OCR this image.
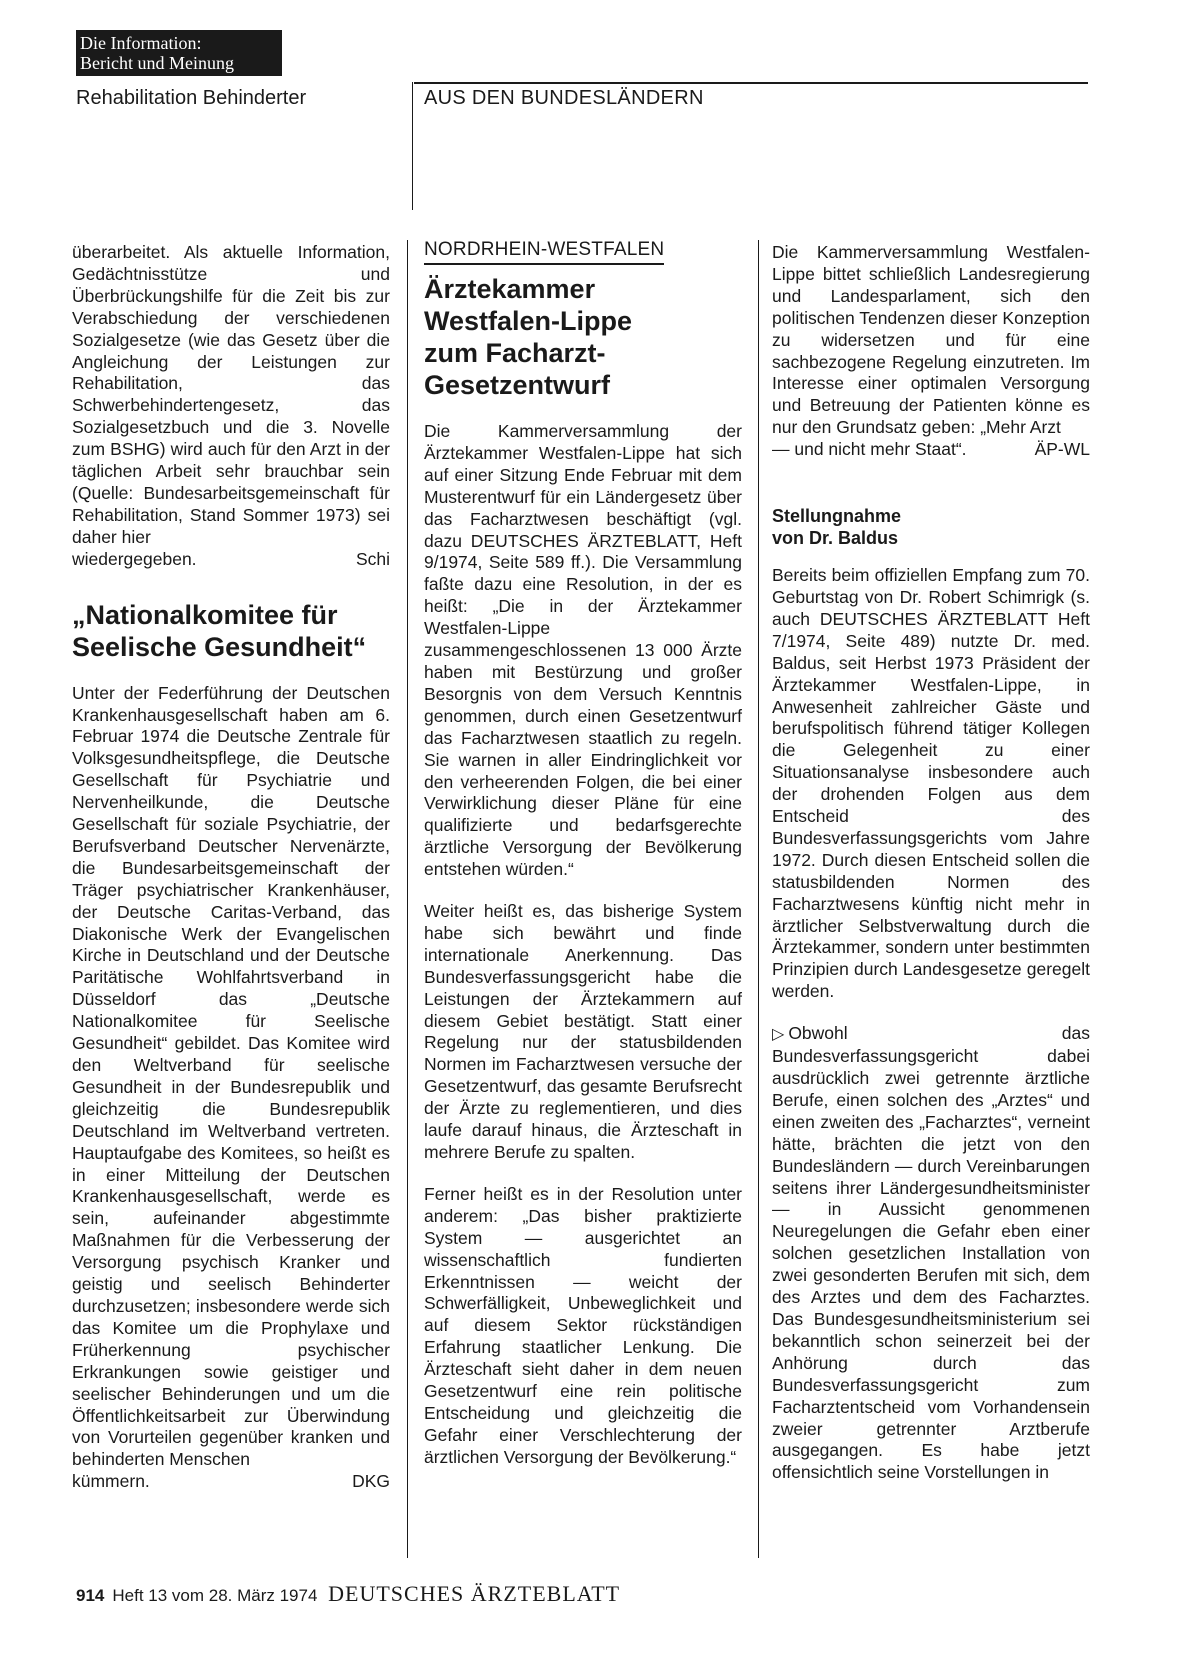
Die Information:
Bericht und Meinung
Rehabilitation Behinderter	AUS DEN BUNDESLÄNDERN

überarbeitet. Als aktuelle Information, Gedächtnisstütze und Überbrückungshilfe für die Zeit bis zur Verabschiedung der verschiedenen Sozialgesetze (wie das Gesetz über die Angleichung der Leistungen zur Rehabilitation, das Schwerbehindertengesetz, das Sozialgesetzbuch und die 3. Novelle zum BSHG) wird auch für den Arzt in der täglichen Arbeit sehr brauchbar sein (Quelle: Bundesarbeitsgemeinschaft für Rehabilitation, Stand Sommer 1973) sei daher hier

wiedergegeben.	Schi
„Nationalkomitee für Seelische Gesundheit“

Unter der Federführung der Deutschen Krankenhausgesellschaft haben am 6. Februar 1974 die Deutsche Zentrale für Volksgesundheitspflege, die Deutsche Gesellschaft für Psychiatrie und Nervenheilkunde, die Deutsche Gesellschaft für soziale Psychiatrie, der Berufsverband Deutscher Nervenärzte, die Bundesarbeitsgemeinschaft der Träger psychiatrischer Krankenhäuser, der Deutsche Caritas-Verband, das Diakonische Werk der Evangelischen Kirche in Deutschland und der Deutsche Paritätische Wohlfahrtsverband in Düsseldorf das „Deutsche Nationalkomitee für Seelische Gesundheit“ gebildet. Das Komitee wird den Weltverband für seelische Gesundheit in der Bundesrepublik und gleichzeitig die Bundesrepublik Deutschland im Weltverband vertreten. Hauptaufgabe des Komitees, so heißt es in einer Mitteilung der Deutschen Krankenhausgesellschaft, werde es sein, aufeinander abgestimmte Maßnahmen für die Verbesserung der Versorgung psychisch Kranker und geistig und seelisch Behinderter durchzusetzen; insbesondere werde sich das Komitee um die Prophylaxe und Früherkennung psychischer Erkrankungen sowie geistiger und seelischer Behinderungen und um die Öffentlichkeitsarbeit zur Überwindung von Vorurteilen gegenüber kranken und behinderten Menschen

kümmern.	DKG
NORDRHEIN-WESTFALEN
Ärztekammer Westfalen-Lippe zum Facharzt-Gesetzentwurf

Die Kammerversammlung der Ärztekammer Westfalen-Lippe hat sich auf einer Sitzung Ende Februar mit dem Musterentwurf für ein Ländergesetz über das Facharztwesen beschäftigt (vgl. dazu DEUTSCHES ÄRZTEBLATT, Heft 9/1974, Seite 589 ff.). Die Versammlung faßte dazu eine Resolution, in der es heißt: „Die in der Ärztekammer Westfalen-Lippe zusammengeschlossenen 13 000 Ärzte haben mit Bestürzung und großer Besorgnis von dem Versuch Kenntnis genommen, durch einen Gesetzentwurf das Facharztwesen staatlich zu regeln. Sie warnen in aller Eindringlichkeit vor den verheerenden Folgen, die bei einer Verwirklichung dieser Pläne für eine qualifizierte und bedarfsgerechte ärztliche Versorgung der Bevölkerung entstehen würden.“

Weiter heißt es, das bisherige System habe sich bewährt und finde internationale Anerkennung. Das Bundesverfassungsgericht habe die Leistungen der Ärztekammern auf diesem Gebiet bestätigt. Statt einer Regelung nur der statusbildenden Normen im Facharztwesen versuche der Gesetzentwurf, das gesamte Berufsrecht der Ärzte zu reglementieren, und dies laufe darauf hinaus, die Ärzteschaft in mehrere Berufe zu spalten.

Ferner heißt es in der Resolution unter anderem: „Das bisher praktizierte System — ausgerichtet an wissenschaftlich fundierten Erkenntnissen — weicht der Schwerfälligkeit, Unbeweglichkeit und auf diesem Sektor rückständigen Erfahrung staatlicher Lenkung. Die Ärzteschaft sieht daher in dem neuen Gesetzentwurf eine rein politische Entscheidung und gleichzeitig die Gefahr einer Verschlechterung der ärztlichen Versorgung der Bevölkerung.“

Die Kammerversammlung Westfalen-Lippe bittet schließlich Landesregierung und Landesparlament, sich den politischen Tendenzen dieser Konzeption zu widersetzen und für eine sachbezogene Regelung einzutreten. Im Interesse einer optimalen Versorgung und Betreuung der Patienten könne es nur den Grundsatz geben: „Mehr Arzt

— und nicht mehr Staat“.	ÄP-WL
Stellungnahme
von Dr. Baldus

Bereits beim offiziellen Empfang zum 70. Geburtstag von Dr. Robert Schimrigk (s. auch DEUTSCHES ÄRZTEBLATT Heft 7/1974, Seite 489) nutzte Dr. med. Baldus, seit Herbst 1973 Präsident der Ärztekammer Westfalen-Lippe, in Anwesenheit zahlreicher Gäste und berufspolitisch führend tätiger Kollegen die Gelegenheit zu einer Situationsanalyse insbesondere auch der drohenden Folgen aus dem Entscheid des Bundesverfassungsgerichts vom Jahre 1972. Durch diesen Entscheid sollen die statusbildenden Normen des Facharztwesens künftig nicht mehr in ärztlicher Selbstverwaltung durch die Ärztekammer, sondern unter bestimmten Prinzipien durch Landesgesetze geregelt werden.

▷ Obwohl das Bundesverfassungsgericht dabei ausdrücklich zwei getrennte ärztliche Berufe, einen solchen des „Arztes“ und einen zweiten des „Facharztes“, verneint hätte, brächten die jetzt von den Bundesländern — durch Vereinbarungen seitens ihrer Ländergesundheitsminister — in Aussicht genommenen Neuregelungen die Gefahr eben einer solchen gesetzlichen Installation von zwei gesonderten Berufen mit sich, dem des Arztes und dem des Facharztes. Das Bundesgesundheitsministerium sei bekanntlich schon seinerzeit bei der Anhörung durch das Bundesverfassungsgericht zum Facharztentscheid vom Vorhandensein zweier getrennter Arztberufe ausgegangen. Es habe jetzt offensichtlich seine Vorstellungen in

914 Heft 13 vom 28. März 1974 DEUTSCHES ÄRZTEBLATT
